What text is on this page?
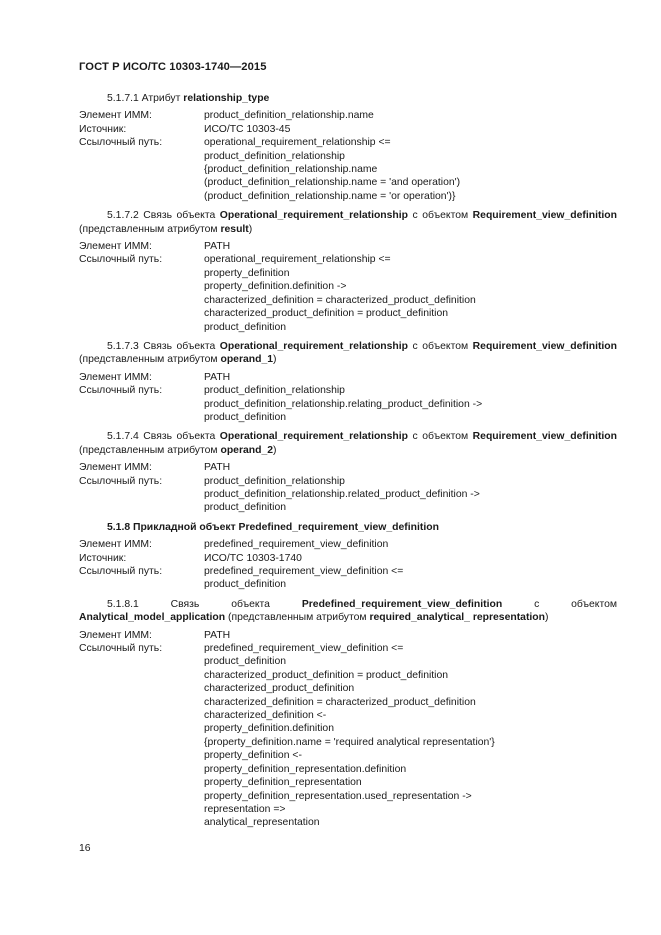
ГОСТ Р ИСО/ТС 10303-1740—2015

5.1.7.1 Атрибут relationship_type

Элемент ИММ:	product_definition_relationship.name
Источник:	ИСО/ТС 10303-45
Ссылочный путь:	operational_requirement_relationship <=
product_definition_relationship
{product_definition_relationship.name
(product_definition_relationship.name = 'and operation')
(product_definition_relationship.name = 'or operation')}

5.1.7.2 Связь объекта Operational_requirement_relationship с объектом Requirement_view_definition (представленным атрибутом result)

Элемент ИММ:	PATH
Ссылочный путь:	operational_requirement_relationship <=
property_definition
property_definition.definition ->
characterized_definition = characterized_product_definition
characterized_product_definition = product_definition
product_definition

5.1.7.3 Связь объекта Operational_requirement_relationship с объектом Requirement_view_definition (представленным атрибутом operand_1)

Элемент ИММ:	PATH
Ссылочный путь:	product_definition_relationship
product_definition_relationship.relating_product_definition ->
product_definition

5.1.7.4 Связь объекта Operational_requirement_relationship с объектом Requirement_view_definition (представленным атрибутом operand_2)

Элемент ИММ:	PATH
Ссылочный путь:	product_definition_relationship
product_definition_relationship.related_product_definition ->
product_definition

5.1.8 Прикладной объект Predefined_requirement_view_definition

Элемент ИММ:	predefined_requirement_view_definition
Источник:	ИСО/ТС 10303-1740
Ссылочный путь:	predefined_requirement_view_definition <=
product_definition

5.1.8.1 Связь объекта Predefined_requirement_view_definition с объектом Analytical_model_application (представленным атрибутом required_analytical_ representation)

Элемент ИММ:	PATH
Ссылочный путь:	predefined_requirement_view_definition <=
product_definition
characterized_product_definition = product_definition
characterized_product_definition
characterized_definition = characterized_product_definition
characterized_definition <-
property_definition.definition
{property_definition.name = 'required analytical representation'}
property_definition <-
property_definition_representation.definition
property_definition_representation
property_definition_representation.used_representation ->
representation =>
analytical_representation
16
